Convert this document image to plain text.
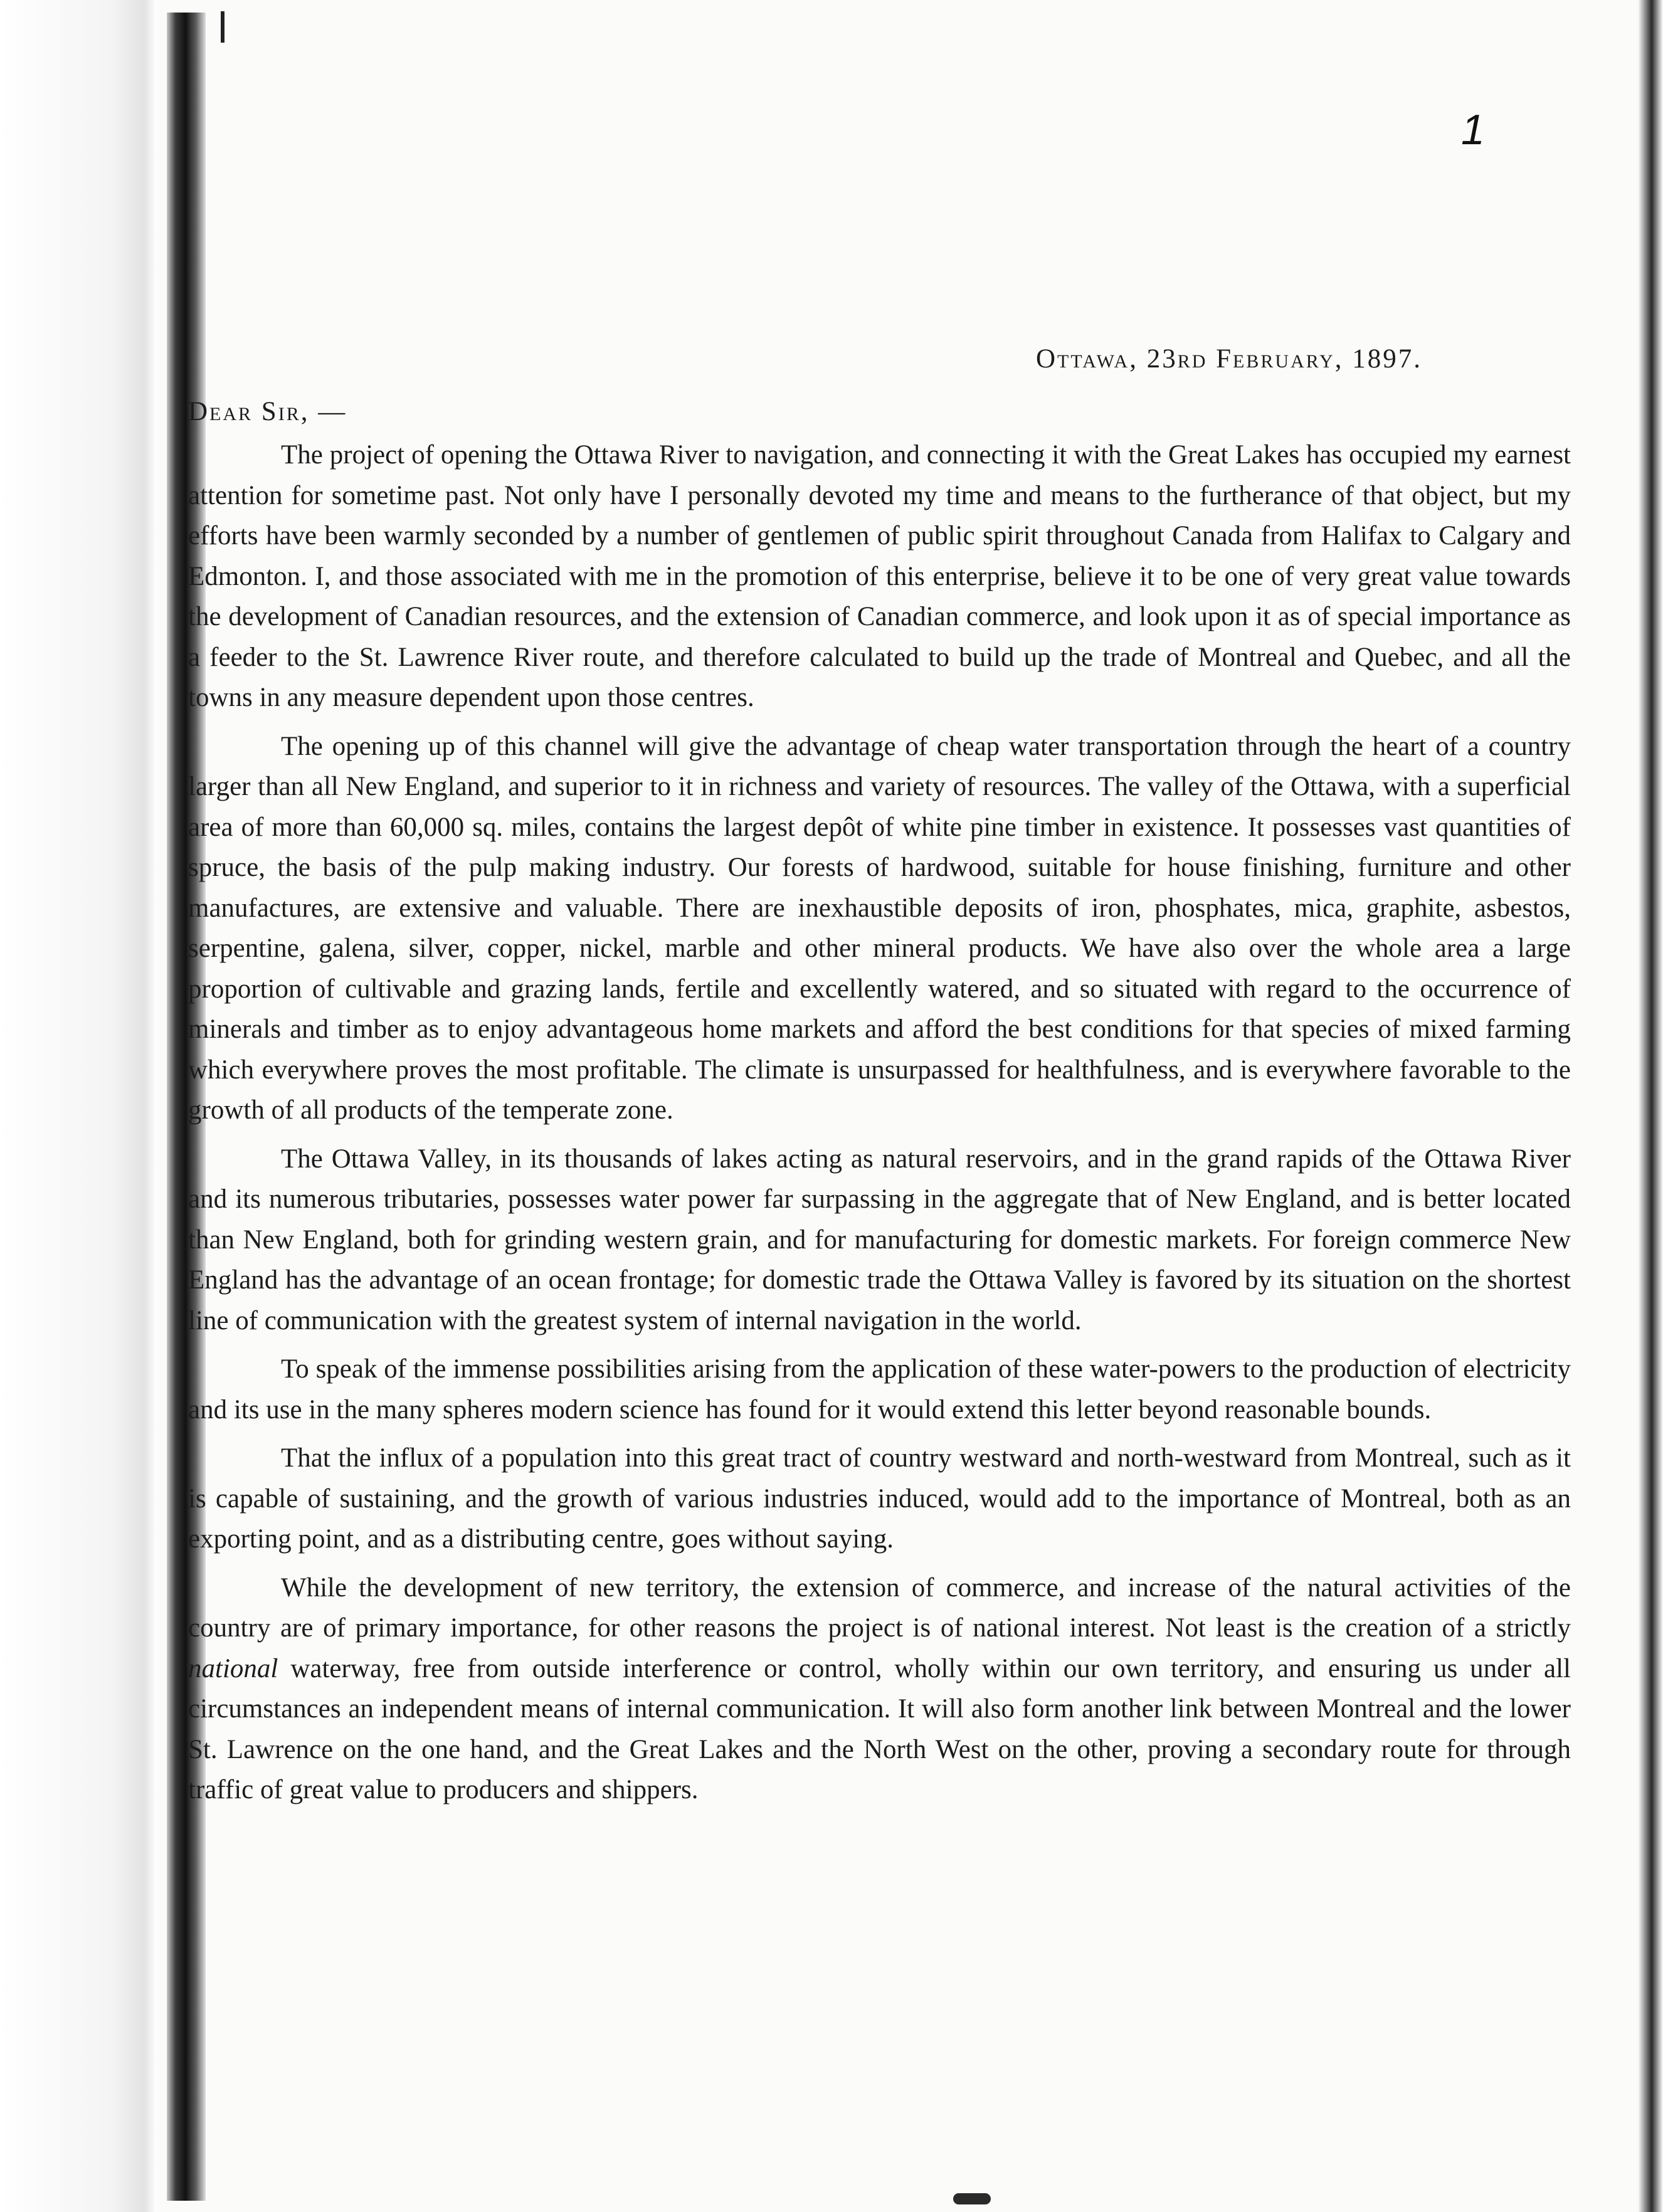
1
Ottawa, 23rd February, 1897.
Dear Sir, —

The project of opening the Ottawa River to navigation, and connecting it with the Great Lakes has occupied my earnest attention for sometime past. Not only have I personally devoted my time and means to the furtherance of that object, but my efforts have been warmly seconded by a number of gentlemen of public spirit throughout Canada from Halifax to Calgary and Edmonton. I, and those associated with me in the promotion of this enterprise, believe it to be one of very great value towards the development of Canadian resources, and the extension of Canadian commerce, and look upon it as of special importance as a feeder to the St. Lawrence River route, and therefore calculated to build up the trade of Montreal and Quebec, and all the towns in any measure dependent upon those centres.

The opening up of this channel will give the advantage of cheap water transportation through the heart of a country larger than all New England, and superior to it in richness and variety of resources. The valley of the Ottawa, with a superficial area of more than 60,000 sq. miles, contains the largest depôt of white pine timber in existence. It possesses vast quantities of spruce, the basis of the pulp making industry. Our forests of hardwood, suitable for house finishing, furniture and other manufactures, are extensive and valuable. There are inexhaustible deposits of iron, phosphates, mica, graphite, asbestos, serpentine, galena, silver, copper, nickel, marble and other mineral products. We have also over the whole area a large proportion of cultivable and grazing lands, fertile and excellently watered, and so situated with regard to the occurrence of minerals and timber as to enjoy advantageous home markets and afford the best conditions for that species of mixed farming which everywhere proves the most profitable. The climate is unsurpassed for healthfulness, and is everywhere favorable to the growth of all products of the temperate zone.

The Ottawa Valley, in its thousands of lakes acting as natural reservoirs, and in the grand rapids of the Ottawa River and its numerous tributaries, possesses water power far surpassing in the aggregate that of New England, and is better located than New England, both for grinding western grain, and for manufacturing for domestic markets. For foreign commerce New England has the advantage of an ocean frontage; for domestic trade the Ottawa Valley is favored by its situation on the shortest line of communication with the greatest system of internal navigation in the world.

To speak of the immense possibilities arising from the application of these water-powers to the production of electricity and its use in the many spheres modern science has found for it would extend this letter beyond reasonable bounds.

That the influx of a population into this great tract of country westward and north-westward from Montreal, such as it is capable of sustaining, and the growth of various industries induced, would add to the importance of Montreal, both as an exporting point, and as a distributing centre, goes without saying.

While the development of new territory, the extension of commerce, and increase of the natural activities of the country are of primary importance, for other reasons the project is of national interest. Not least is the creation of a strictly national waterway, free from outside interference or control, wholly within our own territory, and ensuring us under all circumstances an independent means of internal communication. It will also form another link between Montreal and the lower St. Lawrence on the one hand, and the Great Lakes and the North West on the other, proving a secondary route for through traffic of great value to producers and shippers.
